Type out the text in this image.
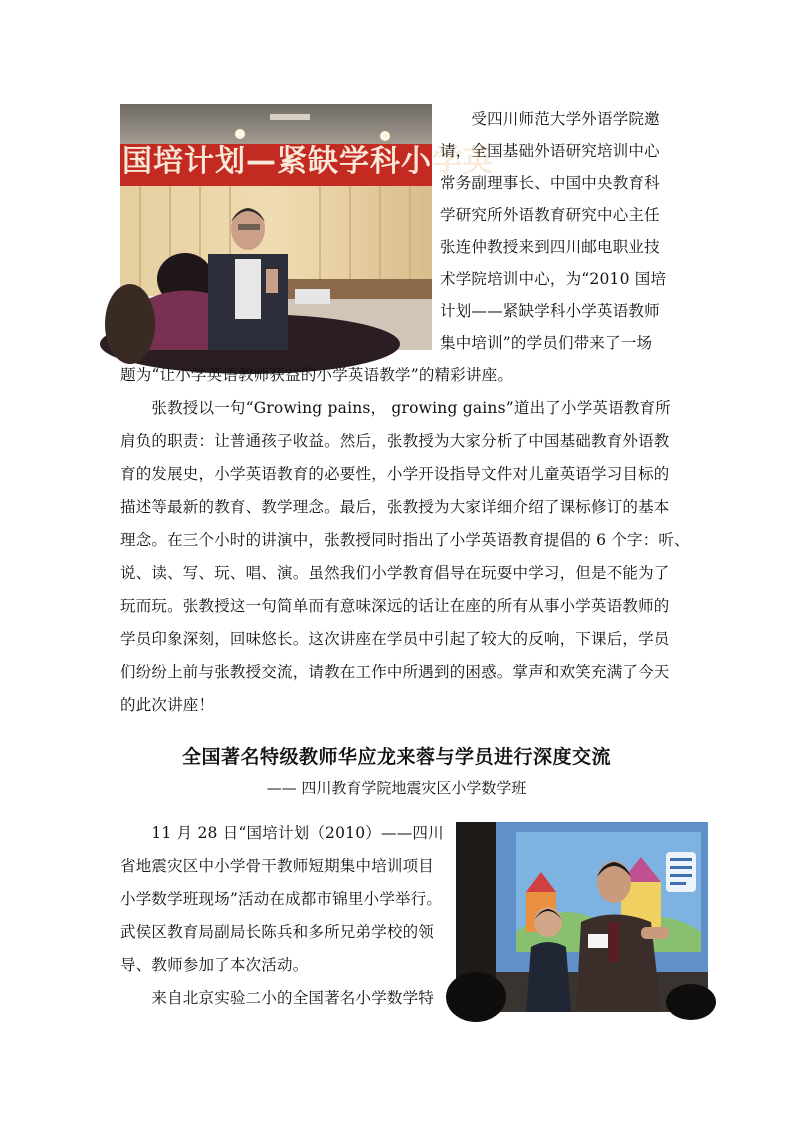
国培计划—紧缺学科小学英

　　受四川师范大学外语学院邀

请，全国基础外语研究培训中心

常务副理事长、中国中央教育科

学研究所外语教育研究中心主任

张连仲教授来到四川邮电职业技

术学院培训中心，为“2010 国培

计划——紧缺学科小学英语教师

集中培训”的学员们带来了一场

题为“让小学英语教师获益的小学英语教学”的精彩讲座。

　　张教授以一句“Growing pains， growing gains”道出了小学英语教育所

肩负的职责：让普通孩子收益。然后，张教授为大家分析了中国基础教育外语教

育的发展史，小学英语教育的必要性，小学开设指导文件对儿童英语学习目标的

描述等最新的教育、教学理念。最后，张教授为大家详细介绍了课标修订的基本

理念。在三个小时的讲演中，张教授同时指出了小学英语教育提倡的 6 个字：听、

说、读、写、玩、唱、演。虽然我们小学教育倡导在玩耍中学习，但是不能为了

玩而玩。张教授这一句简单而有意味深远的话让在座的所有从事小学英语教师的

学员印象深刻，回味悠长。这次讲座在学员中引起了较大的反响，下课后，学员

们纷纷上前与张教授交流，请教在工作中所遇到的困惑。掌声和欢笑充满了今天

的此次讲座！

全国著名特级教师华应龙来蓉与学员进行深度交流

—— 四川教育学院地震灾区小学数学班

　　11 月 28 日“国培计划（2010）——四川

省地震灾区中小学骨干教师短期集中培训项目

小学数学班现场”活动在成都市锦里小学举行。

武侯区教育局副局长陈兵和多所兄弟学校的领

导、教师参加了本次活动。

　　来自北京实验二小的全国著名小学数学特
